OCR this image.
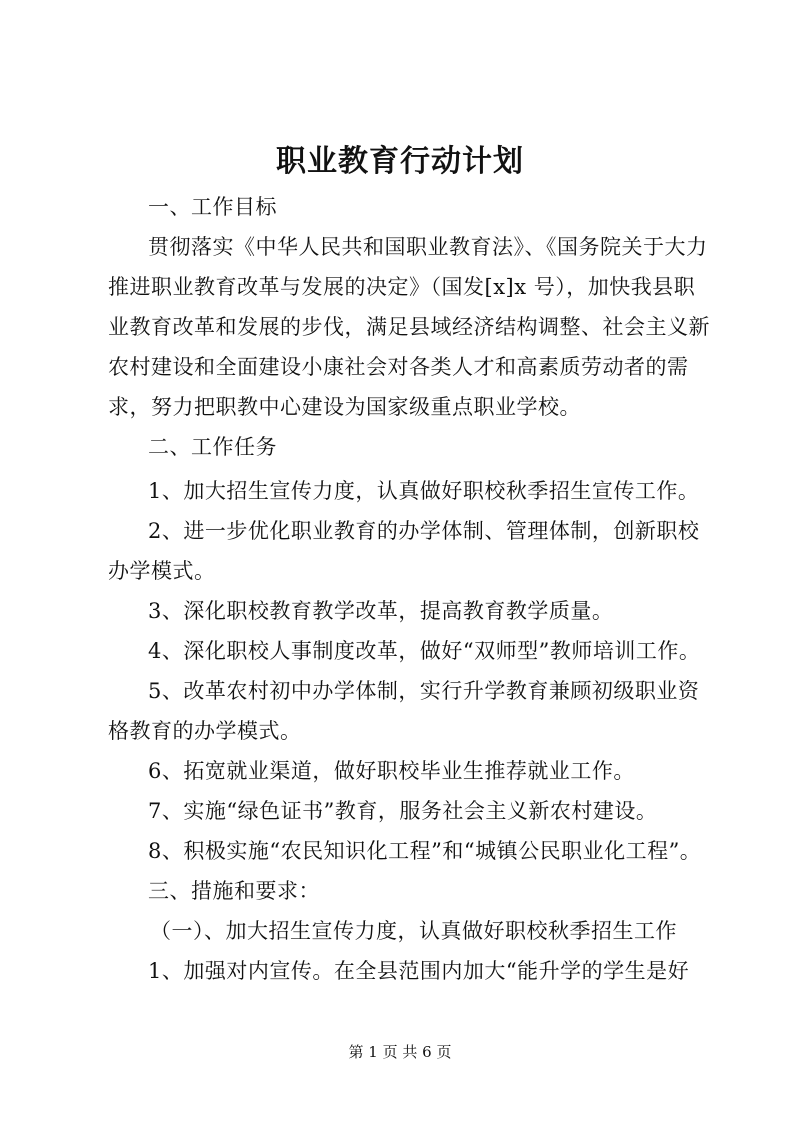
职业教育行动计划
一、工作目标
贯彻落实《中华人民共和国职业教育法》、《国务院关于大力
推进职业教育改革与发展的决定》（国发[x]x 号），加快我县职
业教育改革和发展的步伐，满足县域经济结构调整、社会主义新
农村建设和全面建设小康社会对各类人才和高素质劳动者的需
求，努力把职教中心建设为国家级重点职业学校。
二、工作任务
1、加大招生宣传力度，认真做好职校秋季招生宣传工作。
2、进一步优化职业教育的办学体制、管理体制，创新职校
办学模式。
3、深化职校教育教学改革，提高教育教学质量。
4、深化职校人事制度改革，做好“双师型”教师培训工作。
5、改革农村初中办学体制，实行升学教育兼顾初级职业资
格教育的办学模式。
6、拓宽就业渠道，做好职校毕业生推荐就业工作。
7、实施“绿色证书”教育，服务社会主义新农村建设。
8、积极实施“农民知识化工程”和“城镇公民职业化工程”。
三、措施和要求：
（一）、加大招生宣传力度，认真做好职校秋季招生工作
1、加强对内宣传。在全县范围内加大“能升学的学生是好
第 1 页 共 6 页
